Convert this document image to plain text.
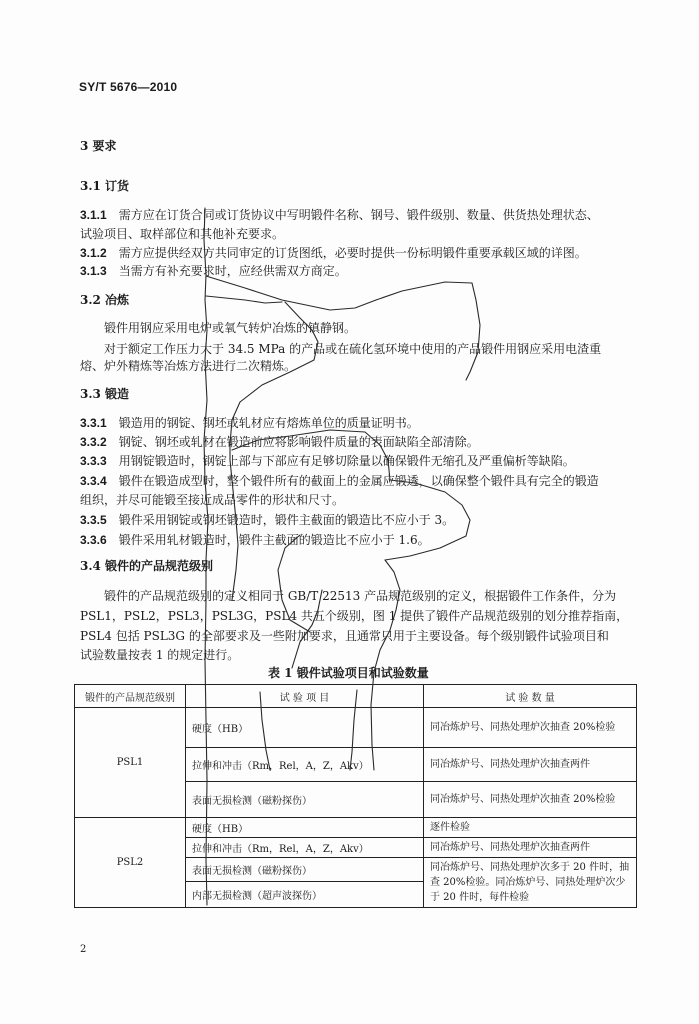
SY/T 5676—2010
3 要求
3.1 订货
3.1.1 需方应在订货合同或订货协议中写明锻件名称、钢号、锻件级别、数量、供货热处理状态、
试验项目、取样部位和其他补充要求。
3.1.2 需方应提供经双方共同审定的订货图纸，必要时提供一份标明锻件重要承载区域的详图。
3.1.3 当需方有补充要求时，应经供需双方商定。
3.2 冶炼
锻件用钢应采用电炉或氧气转炉冶炼的镇静钢。
对于额定工作压力大于 34.5 MPa 的产品或在硫化氢环境中使用的产品锻件用钢应采用电渣重
熔、炉外精炼等冶炼方法进行二次精炼。
3.3 锻造
3.3.1 锻造用的钢锭、钢坯或轧材应有熔炼单位的质量证明书。
3.3.2 钢锭、钢坯或轧材在锻造前应将影响锻件质量的表面缺陷全部清除。
3.3.3 用钢锭锻造时，钢锭上部与下部应有足够切除量以确保锻件无缩孔及严重偏析等缺陷。
3.3.4 锻件在锻造成型时，整个锻件所有的截面上的金属应锻透，以确保整个锻件具有完全的锻造
组织，并尽可能锻至接近成品零件的形状和尺寸。
3.3.5 锻件采用钢锭或钢坯锻造时，锻件主截面的锻造比不应小于 3。
3.3.6 锻件采用轧材锻造时，锻件主截面的锻造比不应小于 1.6。
3.4 锻件的产品规范级别
锻件的产品规范级别的定义相同于 GB/T 22513 产品规范级别的定义，根据锻件工作条件，分为
PSL1，PSL2，PSL3，PSL3G，PSL4 共五个级别，图 1 提供了锻件产品规范级别的划分推荐指南，
PSL4 包括 PSL3G 的全部要求及一些附加要求，且通常只用于主要设备。每个级别锻件试验项目和
试验数量按表 1 的规定进行。
表 1 锻件试验项目和试验数量
锻件的产品规范级别	试 验 项 目	试 验 数 量
PSL1	硬度（HB）	同冶炼炉号、同热处理炉次抽查 20%检验
	拉伸和冲击（Rm，Rel，A，Z，Akv）	同冶炼炉号、同热处理炉次抽查两件
	表面无损检测（磁粉探伤）	同冶炼炉号、同热处理炉次抽查 20%检验
PSL2	硬度（HB）	逐件检验
	拉伸和冲击（Rm，Rel，A，Z，Akv）	同冶炼炉号、同热处理炉次抽查两件
	表面无损检测（磁粉探伤）	同冶炼炉号、同热处理炉次多于 20 件时，抽查 20%检验。同冶炼炉号、同热处理炉次少于 20 件时，每件检验
	内部无损检测（超声波探伤）	
2
